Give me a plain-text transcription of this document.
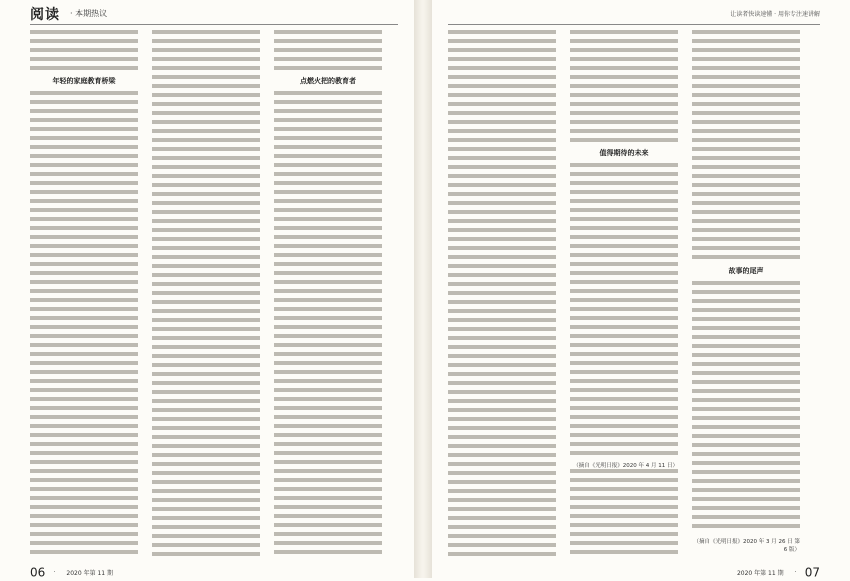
阅读 · 本期热议
年轻的家庭教育桥梁	点燃火把的教育者
06 · 2020 年第 11 期
让读者快读速懂 · 用你专注速讲解
值得期待的未来
（摘自《光明日报》2020 年 4 月 11 日）
故事的尾声
（摘自《光明日报》2020 年 3 月 26 日 第 6 版）
2020 年第 11 期 · 07
